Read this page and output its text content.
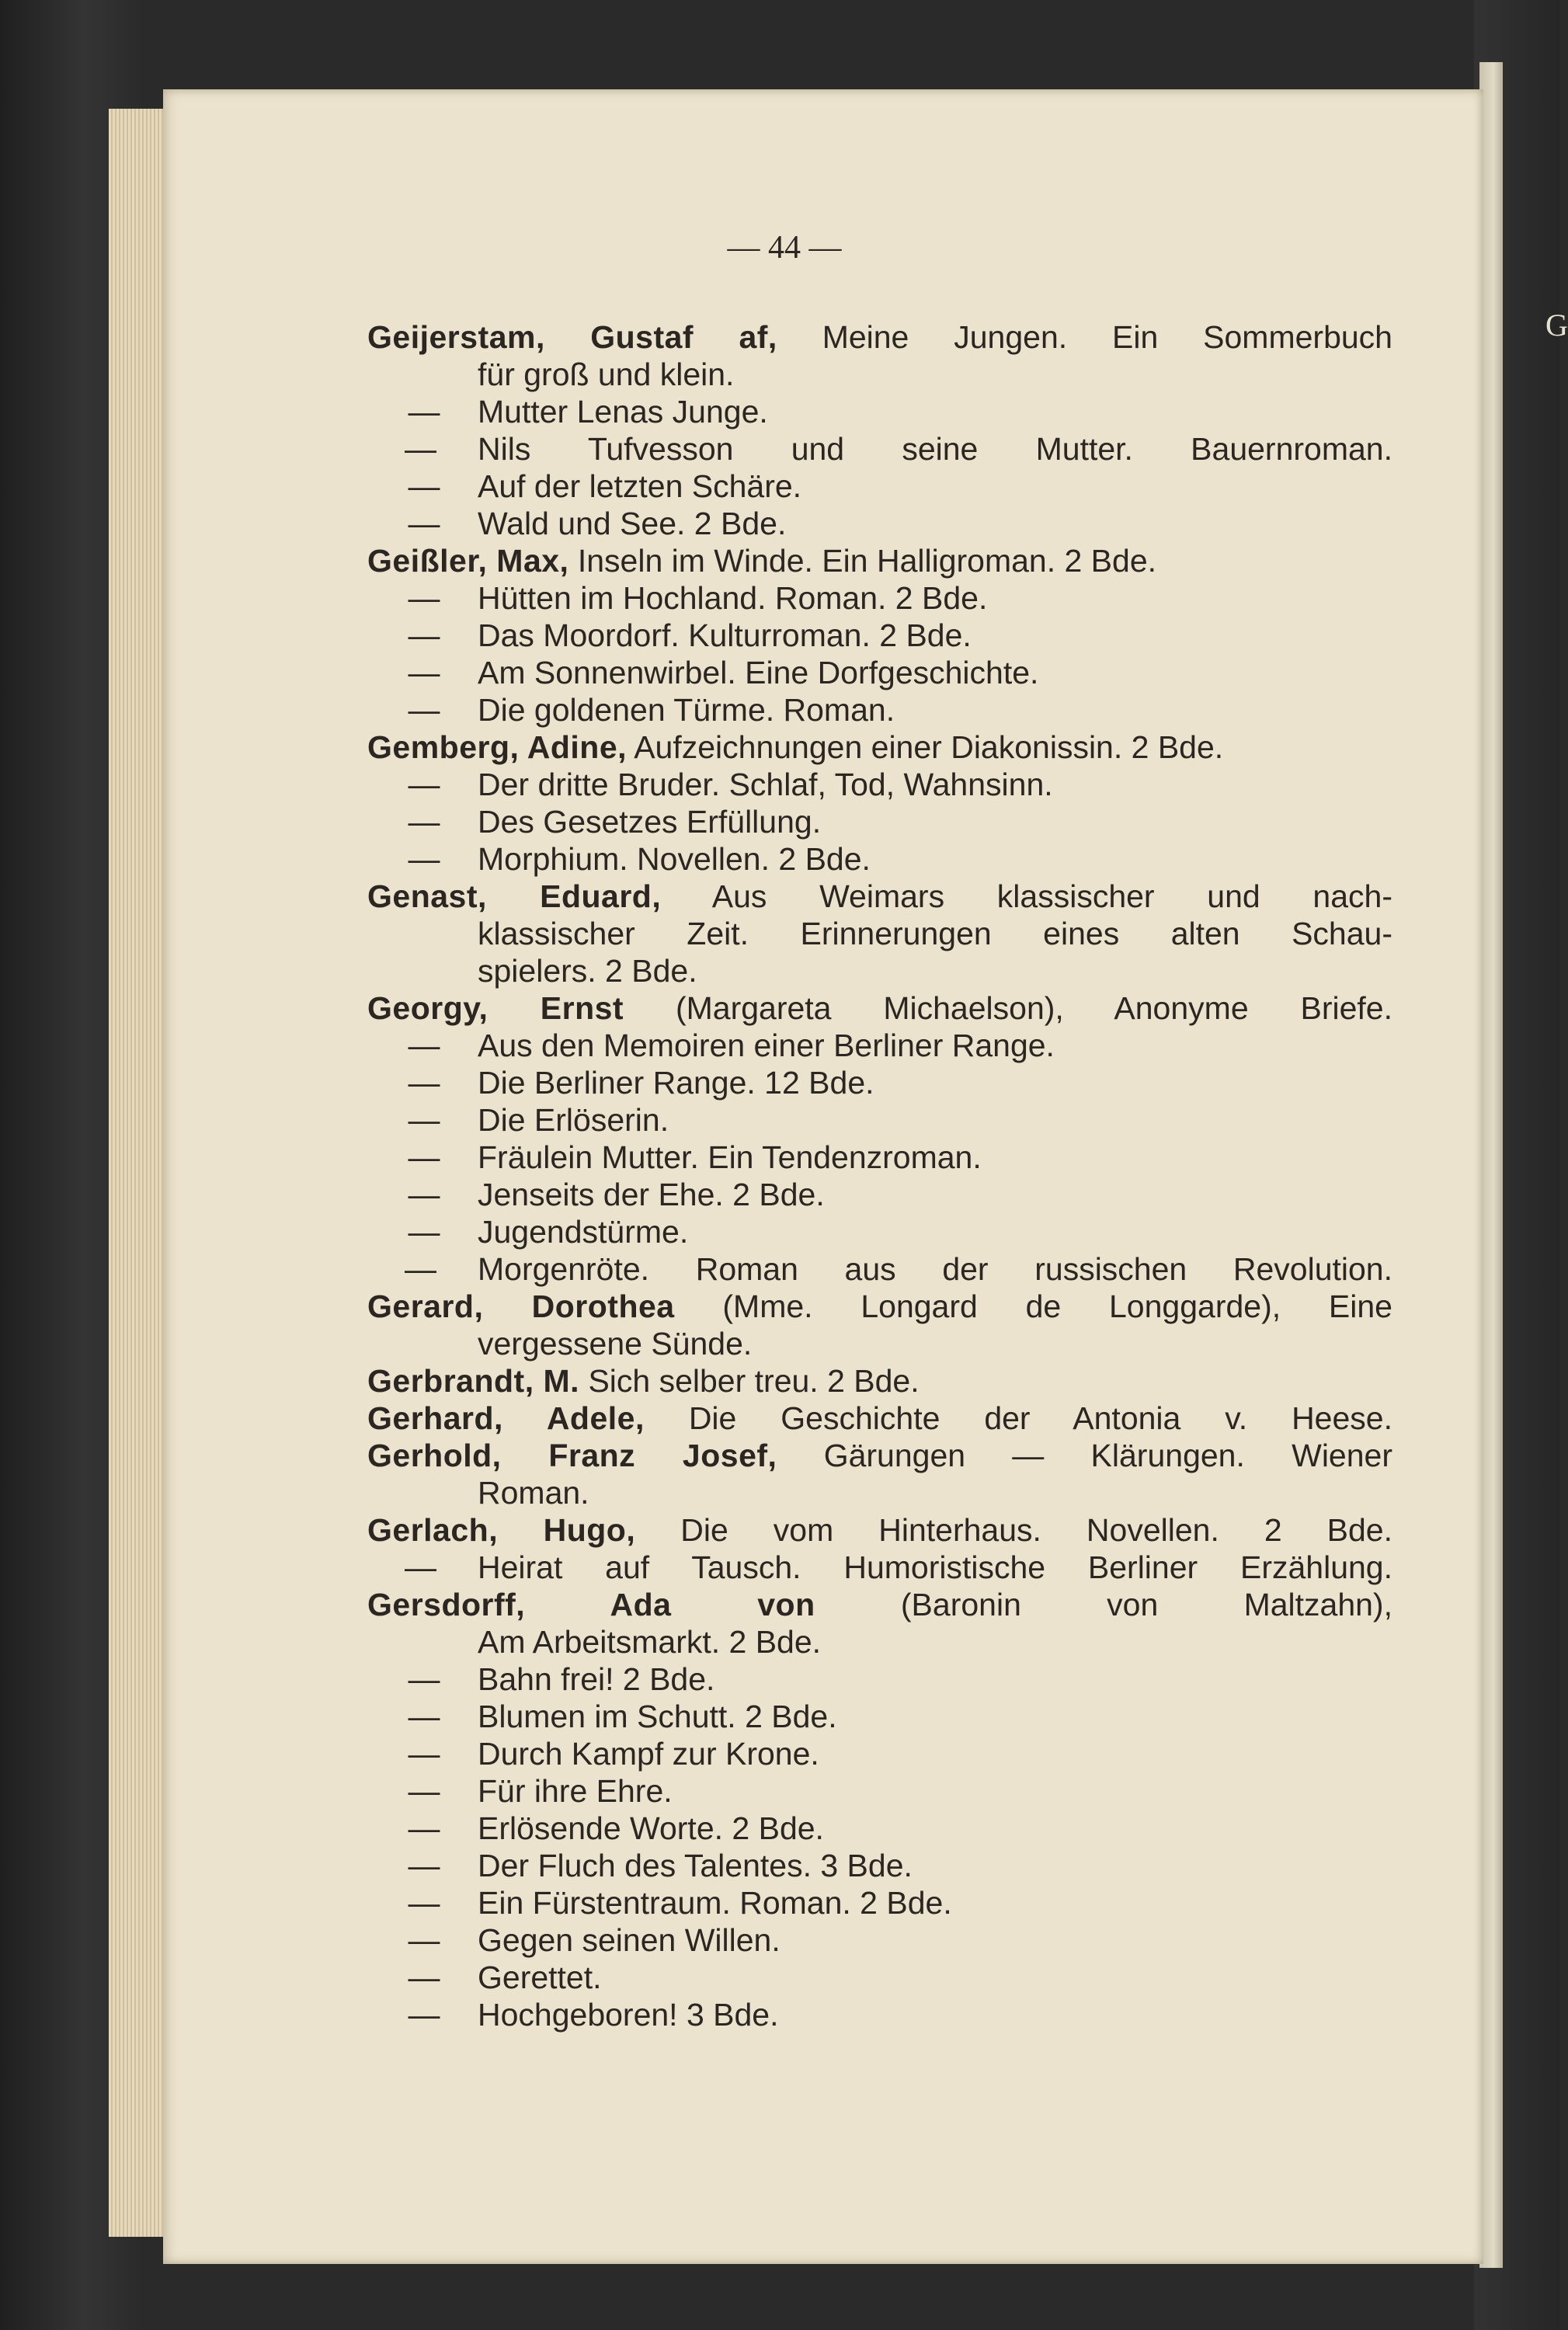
G
— 44 —
Geijerstam, Gustaf af, Meine Jungen. Ein Sommerbuch
für groß und klein.
— Mutter Lenas Junge.
— Nils Tufvesson und seine Mutter. Bauernroman.
— Auf der letzten Schäre.
— Wald und See. 2 Bde.
Geißler, Max, Inseln im Winde. Ein Halligroman. 2 Bde.
— Hütten im Hochland. Roman. 2 Bde.
— Das Moordorf. Kulturroman. 2 Bde.
— Am Sonnenwirbel. Eine Dorfgeschichte.
— Die goldenen Türme. Roman.
Gemberg, Adine, Aufzeichnungen einer Diakonissin. 2 Bde.
— Der dritte Bruder. Schlaf, Tod, Wahnsinn.
— Des Gesetzes Erfüllung.
— Morphium. Novellen. 2 Bde.
Genast, Eduard, Aus Weimars klassischer und nach-
klassischer Zeit. Erinnerungen eines alten Schau-
spielers. 2 Bde.
Georgy, Ernst (Margareta Michaelson), Anonyme Briefe.
— Aus den Memoiren einer Berliner Range.
— Die Berliner Range. 12 Bde.
— Die Erlöserin.
— Fräulein Mutter. Ein Tendenzroman.
— Jenseits der Ehe. 2 Bde.
— Jugendstürme.
— Morgenröte. Roman aus der russischen Revolution.
Gerard, Dorothea (Mme. Longard de Longgarde), Eine
vergessene Sünde.
Gerbrandt, M. Sich selber treu. 2 Bde.
Gerhard, Adele, Die Geschichte der Antonia v. Heese.
Gerhold, Franz Josef, Gärungen — Klärungen. Wiener
Roman.
Gerlach, Hugo, Die vom Hinterhaus. Novellen. 2 Bde.
— Heirat auf Tausch. Humoristische Berliner Erzählung.
Gersdorff, Ada von	(Baronin von Maltzahn),
Am Arbeitsmarkt. 2 Bde.
— Bahn frei! 2 Bde.
— Blumen im Schutt. 2 Bde.
— Durch Kampf zur Krone.
— Für ihre Ehre.
— Erlösende Worte. 2 Bde.
— Der Fluch des Talentes. 3 Bde.
— Ein Fürstentraum. Roman. 2 Bde.
— Gegen seinen Willen.
— Gerettet.
— Hochgeboren! 3 Bde.
